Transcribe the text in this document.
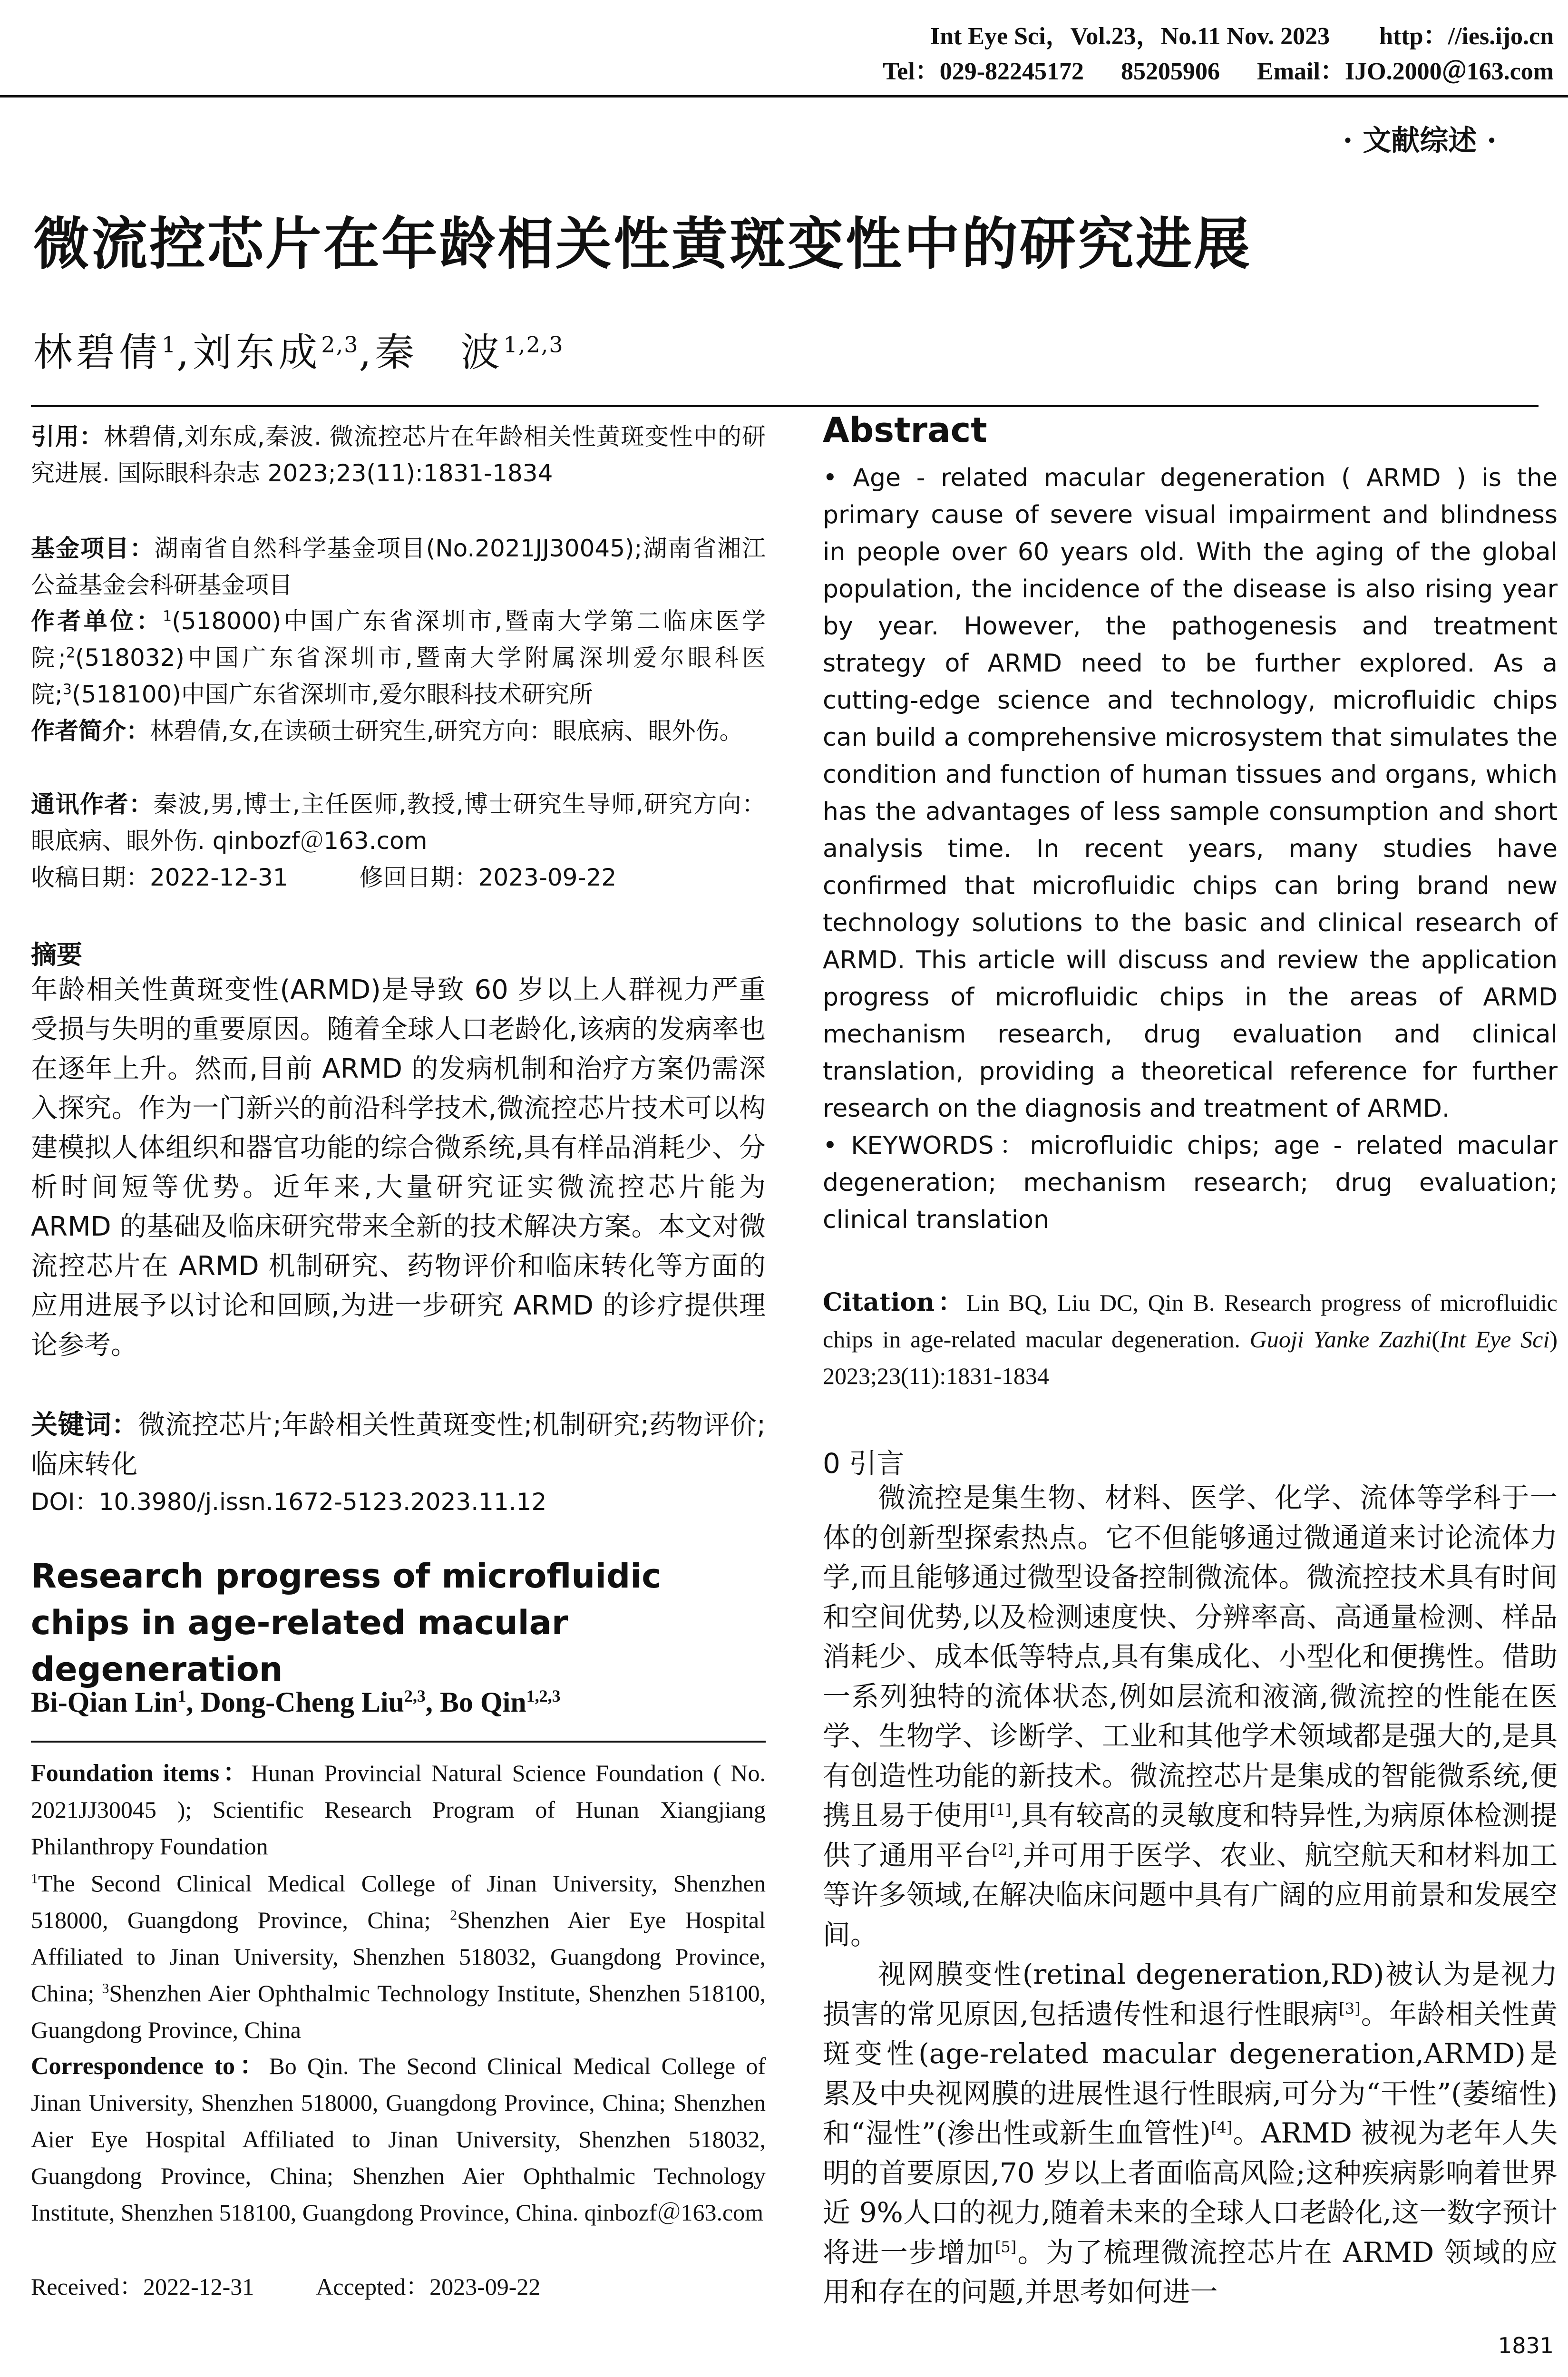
Int Eye Sci，Vol.23，No.11 Nov. 2023        http：//ies.ijo.cn
Tel：029-82245172      85205906      Email：IJO.2000＠163.com
· 文献综述 ·
微流控芯片在年龄相关性黄斑变性中的研究进展
林碧倩$^1$,刘东成$^{2,3}$,秦　波$^{1,2,3}$
引用：林碧倩,刘东成,秦波. 微流控芯片在年龄相关性黄斑变性中的研究进展. 国际眼科杂志 2023;23(11):1831-1834
基金项目：湖南省自然科学基金项目(No.2021JJ30045);湖南省湘江公益基金会科研基金项目
作者单位：$^1$(518000)中国广东省深圳市,暨南大学第二临床医学院;$^2$(518032)中国广东省深圳市,暨南大学附属深圳爱尔眼科医院;$^3$(518100)中国广东省深圳市,爱尔眼科技术研究所
作者简介：林碧倩,女,在读硕士研究生,研究方向：眼底病、眼外伤。
通讯作者：秦波,男,博士,主任医师,教授,博士研究生导师,研究方向：眼底病、眼外伤. qinbozf＠163.com
收稿日期：2022-12-31	修回日期：2023-09-22
摘要
年龄相关性黄斑变性(ARMD)是导致 60 岁以上人群视力严重受损与失明的重要原因。随着全球人口老龄化,该病的发病率也在逐年上升。然而,目前 ARMD 的发病机制和治疗方案仍需深入探究。作为一门新兴的前沿科学技术,微流控芯片技术可以构建模拟人体组织和器官功能的综合微系统,具有样品消耗少、分析时间短等优势。近年来,大量研究证实微流控芯片能为 ARMD 的基础及临床研究带来全新的技术解决方案。本文对微流控芯片在 ARMD 机制研究、药物评价和临床转化等方面的应用进展予以讨论和回顾,为进一步研究 ARMD 的诊疗提供理论参考。
关键词：微流控芯片;年龄相关性黄斑变性;机制研究;药物评价;临床转化
DOI：10.3980/j.issn.1672-5123.2023.11.12
Research progress of microfluidic chips in age-related macular degeneration
Bi-Qian Lin$^1$, Dong-Cheng Liu$^{2,3}$, Bo Qin$^{1,2,3}$
Foundation items：Hunan Provincial Natural Science Foundation ( No. 2021JJ30045 ); Scientific Research Program of Hunan Xiangjiang Philanthropy Foundation
$^1$The Second Clinical Medical College of Jinan University, Shenzhen 518000, Guangdong Province, China; $^2$Shenzhen Aier Eye Hospital Affiliated to Jinan University, Shenzhen 518032, Guangdong Province, China; $^3$Shenzhen Aier Ophthalmic Technology Institute, Shenzhen 518100, Guangdong Province, China
Correspondence to：Bo Qin. The Second Clinical Medical College of Jinan University, Shenzhen 518000, Guangdong Province, China; Shenzhen Aier Eye Hospital Affiliated to Jinan University, Shenzhen 518032, Guangdong Province, China; Shenzhen Aier Ophthalmic Technology Institute, Shenzhen 518100, Guangdong Province, China. qinbozf＠163.com
Received：2022-12-31	Accepted：2023-09-22
Abstract
• Age - related macular degeneration ( ARMD ) is the primary cause of severe visual impairment and blindness in people over 60 years old. With the aging of the global population, the incidence of the disease is also rising year by year. However, the pathogenesis and treatment strategy of ARMD need to be further explored. As a cutting-edge science and technology, microfluidic chips can build a comprehensive microsystem that simulates the condition and function of human tissues and organs, which has the advantages of less sample consumption and short analysis time. In recent years, many studies have confirmed that microfluidic chips can bring brand new technology solutions to the basic and clinical research of ARMD. This article will discuss and review the application progress of microfluidic chips in the areas of ARMD mechanism research, drug evaluation and clinical translation, providing a theoretical reference for further research on the diagnosis and treatment of ARMD.
• KEYWORDS：microfluidic chips; age - related macular degeneration; mechanism research; drug evaluation; clinical translation
Citation：Lin BQ, Liu DC, Qin B. Research progress of microfluidic chips in age-related macular degeneration. Guoji Yanke Zazhi(Int Eye Sci) 2023;23(11):1831-1834
0 引言

微流控是集生物、材料、医学、化学、流体等学科于一体的创新型探索热点。它不但能够通过微通道来讨论流体力学,而且能够通过微型设备控制微流体。微流控技术具有时间和空间优势,以及检测速度快、分辨率高、高通量检测、样品消耗少、成本低等特点,具有集成化、小型化和便携性。借助一系列独特的流体状态,例如层流和液滴,微流控的性能在医学、生物学、诊断学、工业和其他学术领域都是强大的,是具有创造性功能的新技术。微流控芯片是集成的智能微系统,便携且易于使用[1],具有较高的灵敏度和特异性,为病原体检测提供了通用平台[2],并可用于医学、农业、航空航天和材料加工等许多领域,在解决临床问题中具有广阔的应用前景和发展空间。

视网膜变性(retinal degeneration,RD)被认为是视力损害的常见原因,包括遗传性和退行性眼病[3]。年龄相关性黄斑变性(age-related macular degeneration,ARMD)是累及中央视网膜的进展性退行性眼病,可分为“干性”(萎缩性)和“湿性”(渗出性或新生血管性)[4]。ARMD 被视为老年人失明的首要原因,70 岁以上者面临高风险;这种疾病影响着世界近 9%人口的视力,随着未来的全球人口老龄化,这一数字预计将进一步增加[5]。为了梳理微流控芯片在 ARMD 领域的应用和存在的问题,并思考如何进一

1831
